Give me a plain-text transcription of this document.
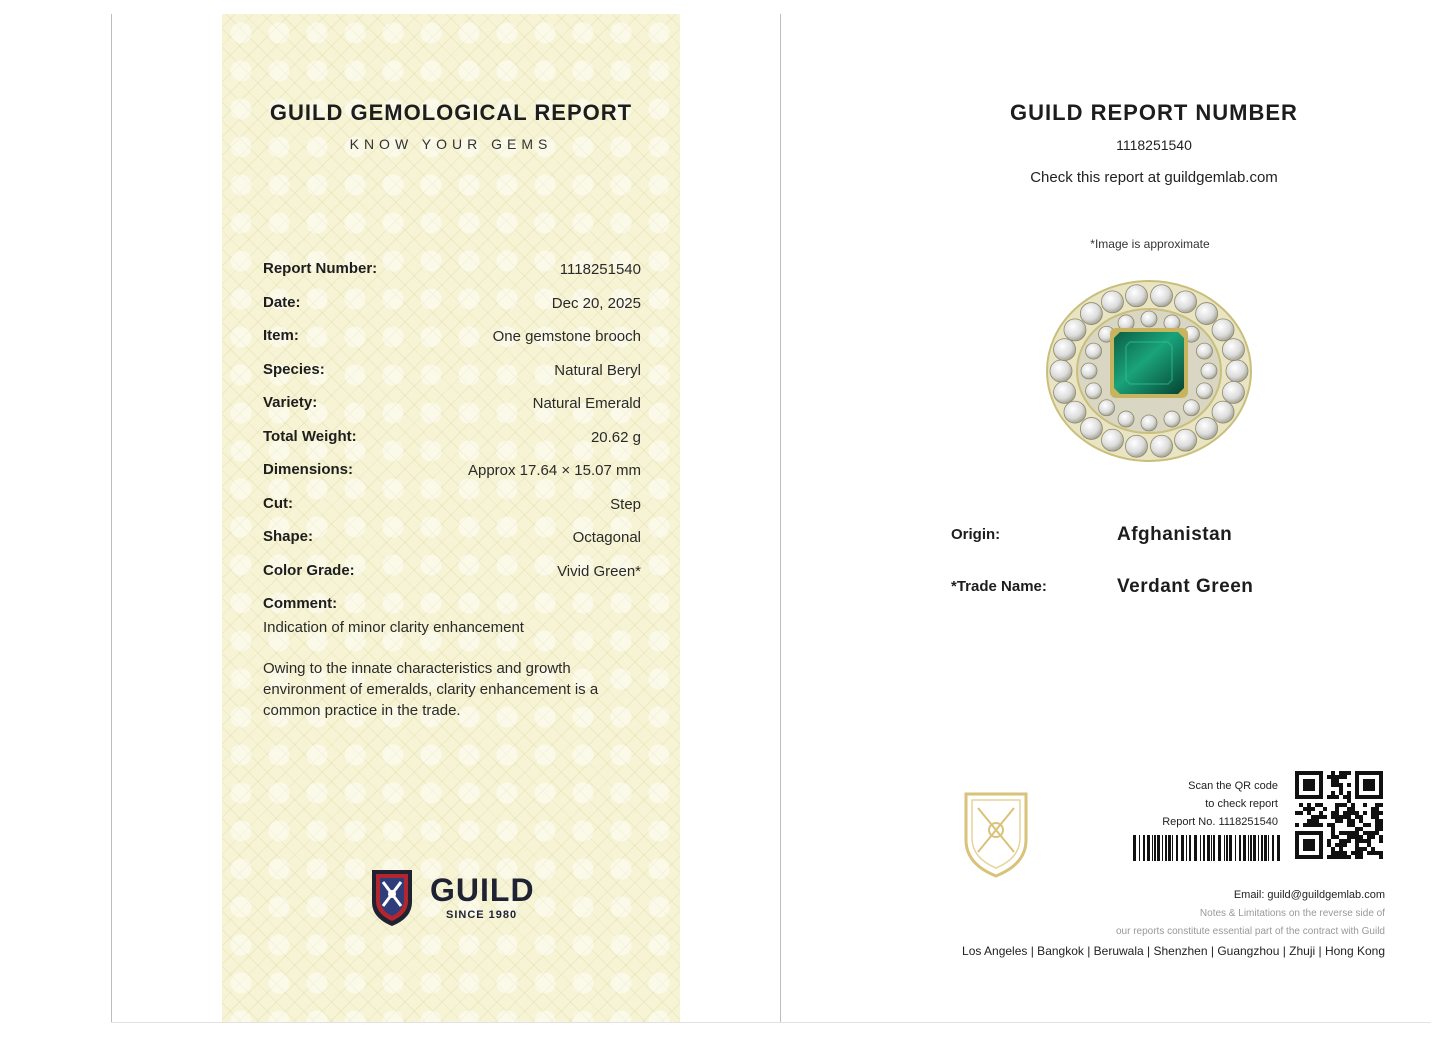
GUILD GEMOLOGICAL REPORT
KNOW YOUR GEMS
Report Number:	1118251540
Date:	Dec 20, 2025
Item:	One gemstone brooch
Species:	Natural Beryl
Variety:	Natural Emerald
Total Weight:	20.62 g
Dimensions:	Approx 17.64 × 15.07 mm
Cut:	Step
Shape:	Octagonal
Color Grade:	Vivid Green*
Comment:
Indication of minor clarity enhancement
Owing to the innate characteristics and growth environment of emeralds, clarity enhancement is a common practice in the trade.
GUILD
SINCE 1980
GUILD REPORT NUMBER
1118251540
Check this report at guildgemlab.com
*Image is approximate
Origin:	Afghanistan
*Trade Name:	Verdant Green
Scan the QR code
to check report
Report No. 1118251540
Email: guild@guildgemlab.com
Notes & Limitations on the reverse side of
our reports constitute essential part of the contract with Guild
Los Angeles | Bangkok | Beruwala | Shenzhen | Guangzhou | Zhuji | Hong Kong
